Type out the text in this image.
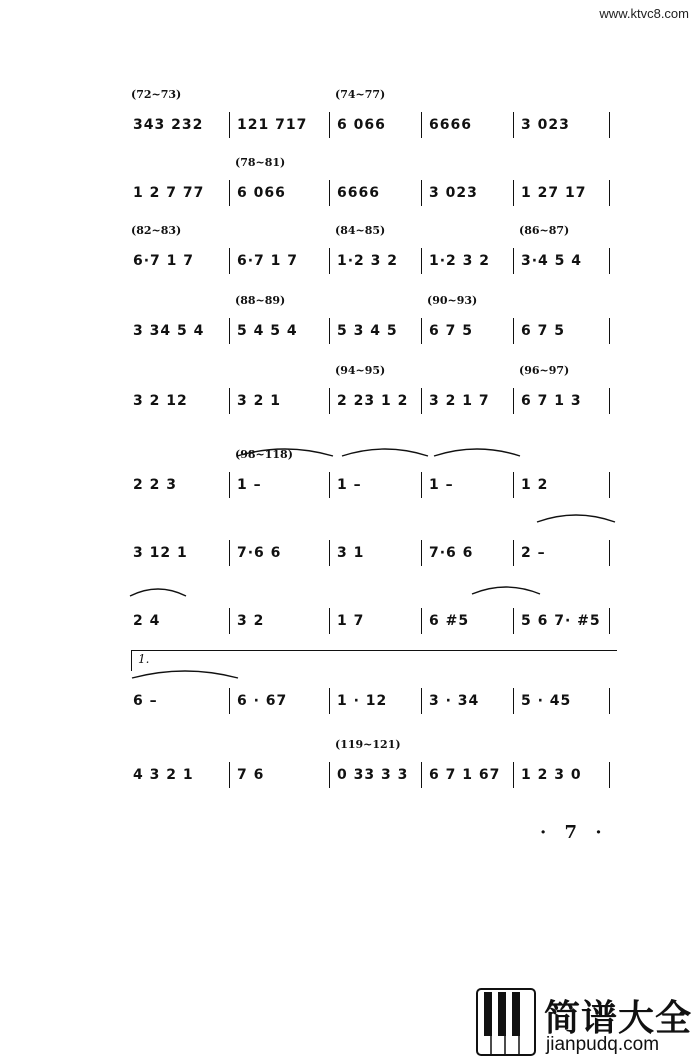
www.ktvc8.com
343 232	121 717	6 066	6666	3 023
(72~73)	(74~77)
1 2 7 77	6 066	6666	3 023	1 27 17
(78~81)
6·7 1 7	6·7 1 7	1·2 3 2	1·2 3 2	3·4 5 4
(82~83)	(84~85)	(86~87)
3 34 5 4	5 4 5 4	5 3 4 5	6 7 5	6 7 5
(88~89)	(90~93)
3 2 12	3 2 1	2 23 1 2	3 2 1 7	6 7 1 3
(94~95)	(96~97)
2 2 3	1 –	1 –	1 –	1 2
(98~118)
3 12 1	7·6 6	3 1	7·6 6	2 –
2 4	3 2	1 7	6 #5	5 6 7· #5
6 –	6 · 67	1 · 12	3 · 34	5 · 45
4 3 2 1	7 6	0 33 3 3	6 7 1 67	1 2 3 0
(119~121)
1.
· 7 ·
简谱大全
jianpudq.com
